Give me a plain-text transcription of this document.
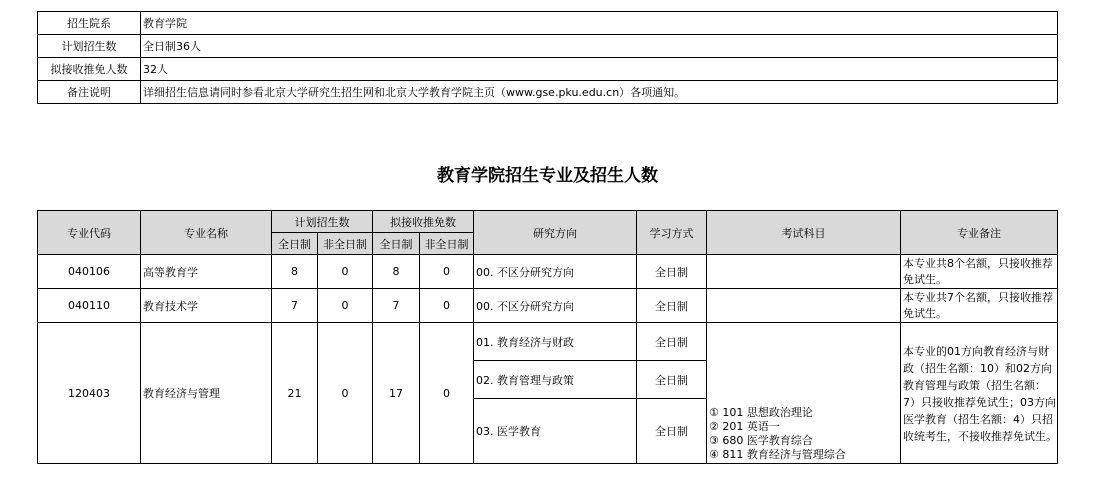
招生院系	教育学院
计划招生数	全日制36人
拟接收推免人数	32人
备注说明	详细招生信息请同时参看北京大学研究生招生网和北京大学教育学院主页（www.gse.pku.edu.cn）各项通知。
教育学院招生专业及招生人数
专业代码	专业名称	计划招生数		拟接收推免数		研究方向	学习方式	考试科目	专业备注
		全日制	非全日制	全日制	非全日制				
040106	高等教育学	8	0	8	0	00. 不区分研究方向	全日制		本专业共8个名额，只接收推荐免试生。
040110	教育技术学	7	0	7	0	00. 不区分研究方向	全日制		本专业共7个名额，只接收推荐免试生。
120403	教育经济与管理	21	0	17	0	01. 教育经济与财政	全日制	① 101 思想政治理论
② 201 英语一
③ 680 医学教育综合
④ 811 教育经济与管理综合	本专业的01方向教育经济与财政（招生名额：10）和02方向教育管理与政策（招生名额：7）只接收推荐免试生；03方向医学教育（招生名额：4）只招收统考生，不接收推荐免试生。
						02. 教育管理与政策	全日制		
						03. 医学教育	全日制		
